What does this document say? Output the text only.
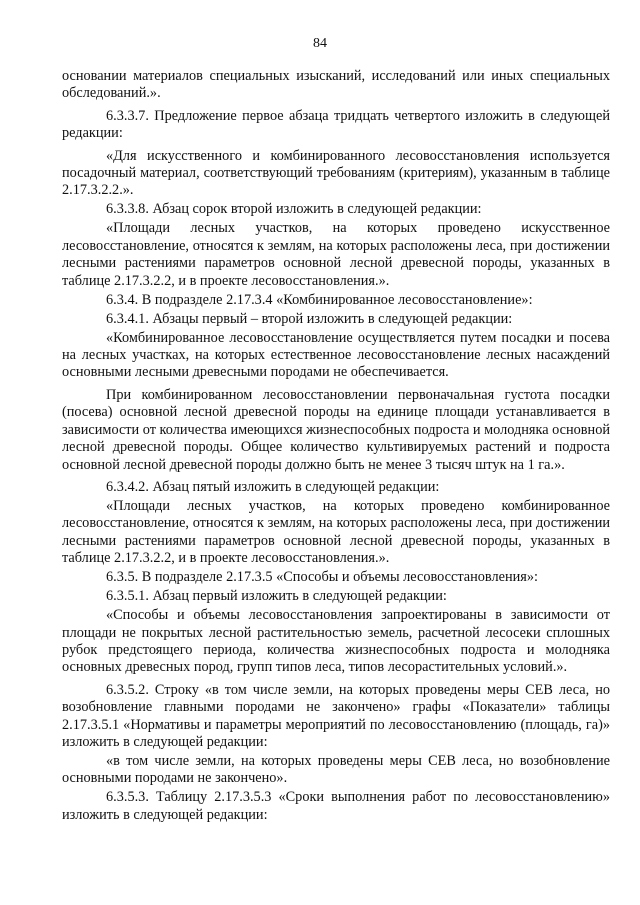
84

основании материалов специальных изысканий, исследований или иных специальных обследований.».

6.3.3.7. Предложение первое абзаца тридцать четвертого изложить в следующей редакции:

«Для искусственного и комбинированного лесовосстановления используется посадочный материал, соответствующий требованиям (критериям), указанным в таблице 2.17.3.2.2.».

6.3.3.8. Абзац сорок второй изложить в следующей редакции:

«Площади лесных участков, на которых проведено искусственное лесовосстановление, относятся к землям, на которых расположены леса, при достижении лесными растениями параметров основной лесной древесной породы, указанных в таблице 2.17.3.2.2, и в проекте лесовосстановления.».

6.3.4. В подразделе 2.17.3.4 «Комбинированное лесовосстановление»:

6.3.4.1. Абзацы первый – второй изложить в следующей редакции:

«Комбинированное лесовосстановление осуществляется путем посадки и посева на лесных участках, на которых естественное лесовосстановление лесных насаждений основными лесными древесными породами не обеспечивается.

При комбинированном лесовосстановлении первоначальная густота посадки (посева) основной лесной древесной породы на единице площади устанавливается в зависимости от количества имеющихся жизнеспособных подроста и молодняка основной лесной древесной породы. Общее количество культивируемых растений и подроста основной лесной древесной породы должно быть не менее 3 тысяч штук на 1 га.».

6.3.4.2. Абзац пятый изложить в следующей редакции:

«Площади лесных участков, на которых проведено комбинированное лесовосстановление, относятся к землям, на которых расположены леса, при достижении лесными растениями параметров основной лесной древесной породы, указанных в таблице 2.17.3.2.2, и в проекте лесовосстановления.».

6.3.5. В подразделе 2.17.3.5 «Способы и объемы лесовосстановления»:

6.3.5.1. Абзац первый изложить в следующей редакции:

«Способы и объемы лесовосстановления запроектированы в зависимости от площади не покрытых лесной растительностью земель, расчетной лесосеки сплошных рубок предстоящего периода, количества жизнеспособных подроста и молодняка основных древесных пород, групп типов леса, типов лесорастительных условий.».

6.3.5.2. Строку «в том числе земли, на которых проведены меры СЕВ леса, но возобновление главными породами не закончено» графы «Показатели» таблицы 2.17.3.5.1 «Нормативы и параметры мероприятий по лесовосстановлению (площадь, га)» изложить в следующей редакции:

«в том числе земли, на которых проведены меры СЕВ леса, но возобновление основными породами не закончено».

6.3.5.3. Таблицу 2.17.3.5.3 «Сроки выполнения работ по лесовосстановлению» изложить в следующей редакции:
